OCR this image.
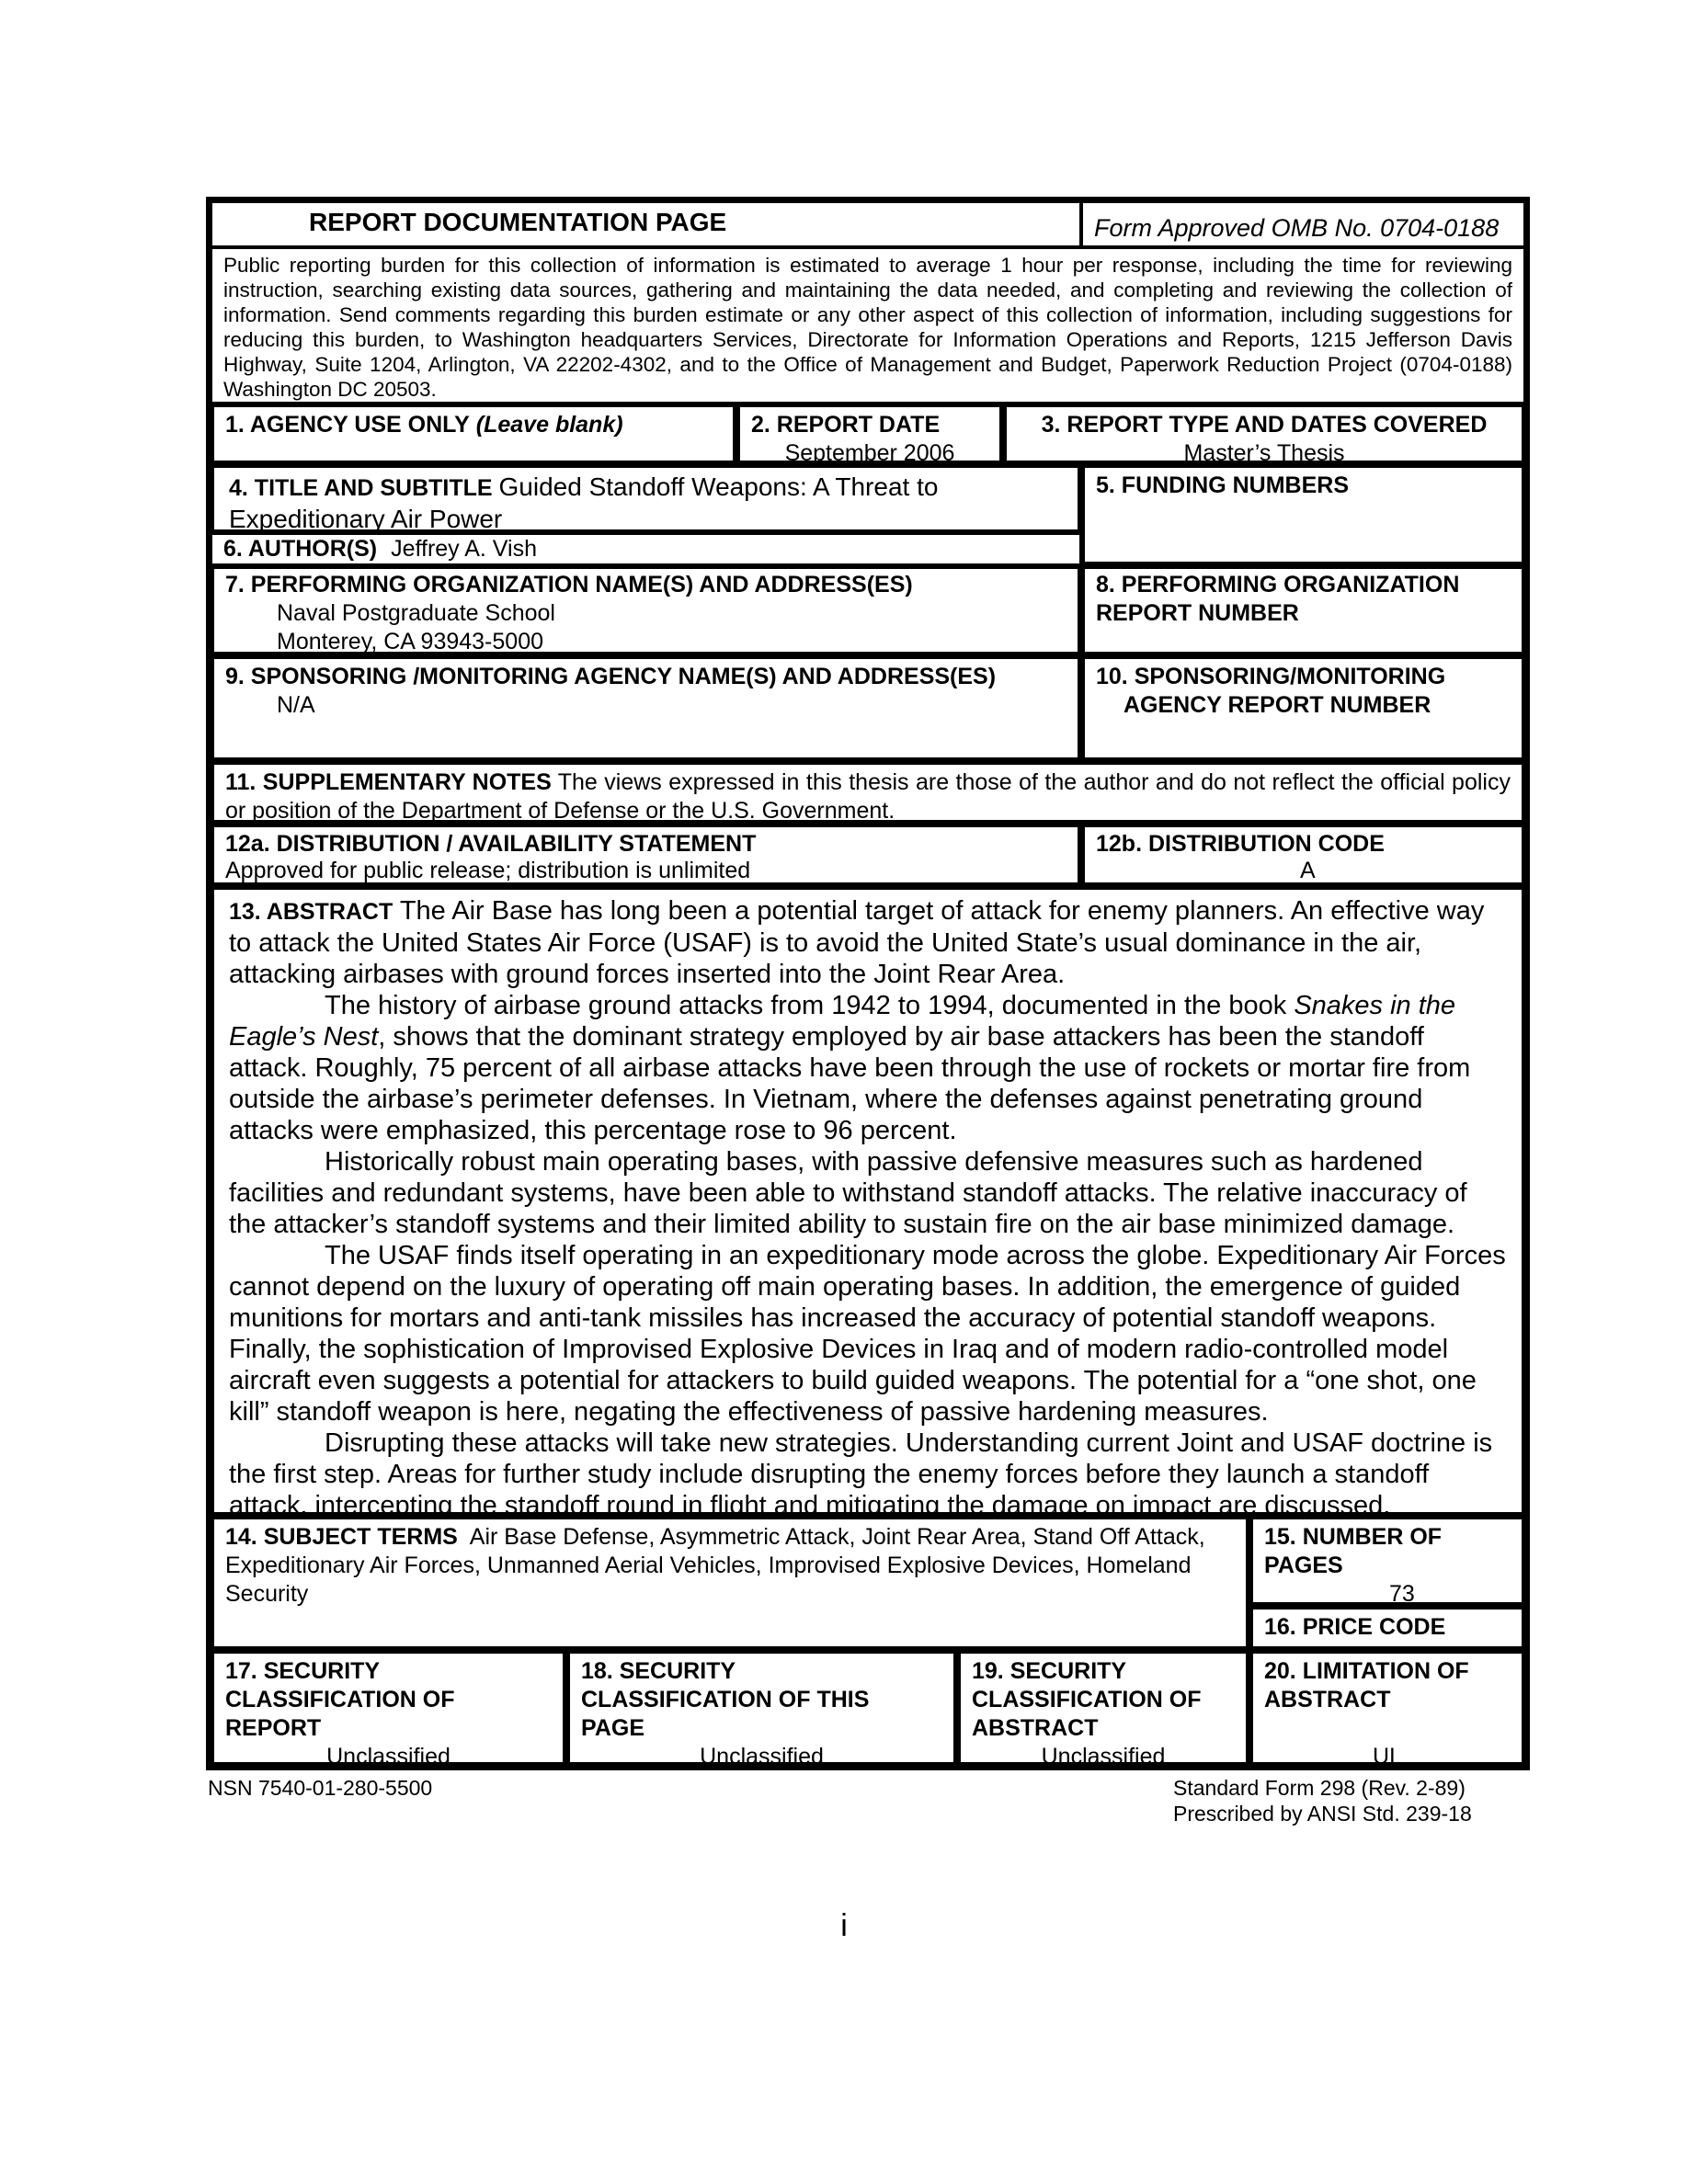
REPORT DOCUMENTATION PAGE	Form Approved OMB No. 0704-0188
Public reporting burden for this collection of information is estimated to average 1 hour per response, including the time for reviewing instruction, searching existing data sources, gathering and maintaining the data needed, and completing and reviewing the collection of information. Send comments regarding this burden estimate or any other aspect of this collection of information, including suggestions for reducing this burden, to Washington headquarters Services, Directorate for Information Operations and Reports, 1215 Jefferson Davis Highway, Suite 1204, Arlington, VA 22202-4302, and to the Office of Management and Budget, Paperwork Reduction Project (0704-0188) Washington DC 20503.
1. AGENCY USE ONLY (Leave blank)	2. REPORT DATE
September 2006
3. REPORT TYPE AND DATES COVERED
Master’s Thesis
4. TITLE AND SUBTITLE Guided Standoff Weapons: A Threat to Expeditionary Air Power
5. FUNDING NUMBERS
6. AUTHOR(S) Jeffrey A. Vish
7. PERFORMING ORGANIZATION NAME(S) AND ADDRESS(ES)
Naval Postgraduate School
Monterey, CA 93943-5000
8. PERFORMING ORGANIZATION
REPORT NUMBER
9. SPONSORING /MONITORING AGENCY NAME(S) AND ADDRESS(ES)
N/A
10. SPONSORING/MONITORING
AGENCY REPORT NUMBER
11. SUPPLEMENTARY NOTES The views expressed in this thesis are those of the author and do not reflect the official policy or position of the Department of Defense or the U.S. Government.
12a. DISTRIBUTION / AVAILABILITY STATEMENT
Approved for public release; distribution is unlimited
12b. DISTRIBUTION CODE
A

13. ABSTRACT The Air Base has long been a potential target of attack for enemy planners. An effective way to attack the United States Air Force (USAF) is to avoid the United State’s usual dominance in the air, attacking airbases with ground forces inserted into the Joint Rear Area.

The history of airbase ground attacks from 1942 to 1994, documented in the book Snakes in the Eagle’s Nest, shows that the dominant strategy employed by air base attackers has been the standoff attack. Roughly, 75 percent of all airbase attacks have been through the use of rockets or mortar fire from outside the airbase’s perimeter defenses. In Vietnam, where the defenses against penetrating ground attacks were emphasized, this percentage rose to 96 percent.

Historically robust main operating bases, with passive defensive measures such as hardened facilities and redundant systems, have been able to withstand standoff attacks. The relative inaccuracy of the attacker’s standoff systems and their limited ability to sustain fire on the air base minimized damage.

The USAF finds itself operating in an expeditionary mode across the globe. Expeditionary Air Forces cannot depend on the luxury of operating off main operating bases. In addition, the emergence of guided munitions for mortars and anti-tank missiles has increased the accuracy of potential standoff weapons. Finally, the sophistication of Improvised Explosive Devices in Iraq and of modern radio-controlled model aircraft even suggests a potential for attackers to build guided weapons. The potential for a “one shot, one kill” standoff weapon is here, negating the effectiveness of passive hardening measures.

Disrupting these attacks will take new strategies. Understanding current Joint and USAF doctrine is the first step. Areas for further study include disrupting the enemy forces before they launch a standoff attack, intercepting the standoff round in flight and mitigating the damage on impact are discussed.

14. SUBJECT TERMS Air Base Defense, Asymmetric Attack, Joint Rear Area, Stand Off Attack, Expeditionary Air Forces, Unmanned Aerial Vehicles, Improvised Explosive Devices, Homeland Security
15. NUMBER OF
PAGES
73
16. PRICE CODE
17. SECURITY
CLASSIFICATION OF
REPORT
Unclassified
18. SECURITY
CLASSIFICATION OF THIS
PAGE
Unclassified
19. SECURITY
CLASSIFICATION OF
ABSTRACT
Unclassified
20. LIMITATION OF
ABSTRACT

UL
NSN 7540-01-280-5500	Standard Form 298 (Rev. 2-89)
Prescribed by ANSI Std. 239-18
i
